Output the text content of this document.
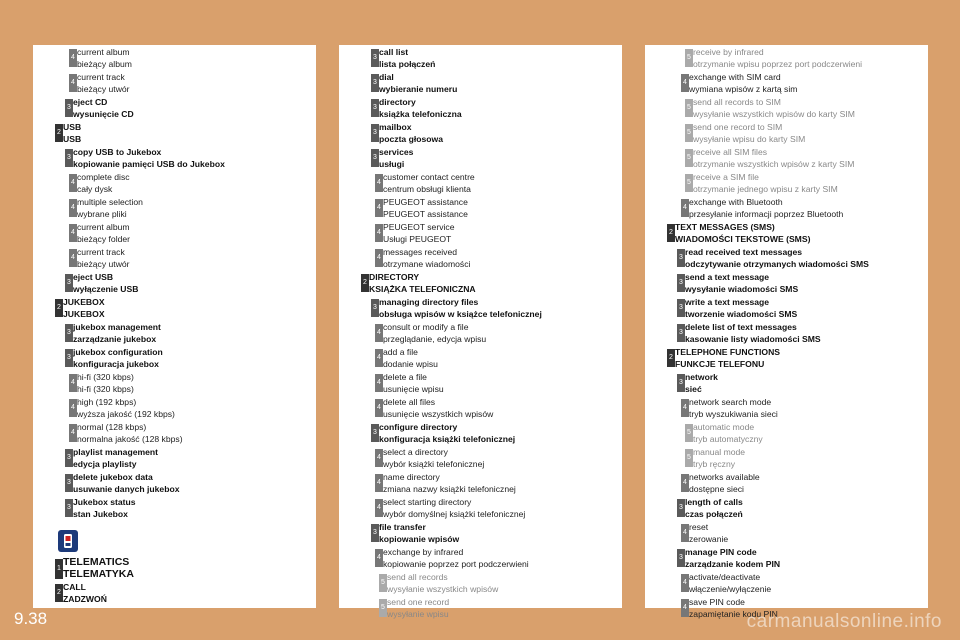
4
current album
bieżący album
4
current track
bieżący utwór
3
eject CD
wysunięcie CD
2
USB
USB
3
copy USB to Jukebox
kopiowanie pamięci USB do Jukebox
4
complete disc
cały dysk
4
multiple selection
wybrane pliki
4
current album
bieżący folder
4
current track
bieżący utwór
3
eject USB
wyłączenie USB
2
JUKEBOX
JUKEBOX
3
jukebox management
zarządzanie jukebox
3
jukebox configuration
konfiguracja jukebox
4
hi-fi (320 kbps)
hi-fi (320 kbps)
4
high (192 kbps)
wyższa jakość (192 kbps)
4
normal (128 kbps)
normalna jakość (128 kbps)
3
playlist management
edycja playlisty
3
delete jukebox data
usuwanie danych jukebox
3
Jukebox status
stan Jukebox
1
TELEMATICS
TELEMATYKA
2
CALL
ZADZWOŃ
3
call list
lista połączeń
3
dial
wybieranie numeru
3
directory
książka telefoniczna
3
mailbox
poczta głosowa
3
services
usługi
4
customer contact centre
centrum obsługi klienta
4
PEUGEOT assistance
PEUGEOT assistance
4
PEUGEOT service
Usługi PEUGEOT
4
messages received
otrzymane wiadomości
2
DIRECTORY
KSIĄŻKA TELEFONICZNA
3
managing directory files
obsługa wpisów w książce telefonicznej
4
consult or modify a file
przeglądanie, edycja wpisu
4
add a file
dodanie wpisu
4
delete a file
usunięcie wpisu
4
delete all files
usunięcie wszystkich wpisów
3
configure directory
konfiguracja książki telefonicznej
4
select a directory
wybór książki telefonicznej
4
name directory
zmiana nazwy książki telefonicznej
4
select starting directory
wybór domyślnej książki telefonicznej
3
file transfer
kopiowanie wpisów
4
exchange by infrared
kopiowanie poprzez port podczerwieni
5
send all records
wysyłanie wszystkich wpisów
5
send one record
wysyłanie wpisu
5
receive by infrared
otrzymanie wpisu poprzez port podczerwieni
4
exchange with SIM card
wymiana wpisów z kartą sim
5
send all records to SIM
wysyłanie wszystkich wpisów do karty SIM
5
send one record to SIM
wysyłanie wpisu do karty SIM
5
receive all SIM files
otrzymanie wszystkich wpisów z karty SIM
5
receive a SIM file
otrzymanie jednego wpisu z karty SIM
4
exchange with Bluetooth
przesyłanie informacji poprzez Bluetooth
2
TEXT MESSAGES (SMS)
WIADOMOŚCI TEKSTOWE (SMS)
3
read received text messages
odczytywanie otrzymanych wiadomości SMS
3
send a text message
wysyłanie wiadomości SMS
3
write a text message
tworzenie wiadomości SMS
3
delete list of text messages
kasowanie listy wiadomości SMS
2
TELEPHONE FUNCTIONS
FUNKCJE TELEFONU
3
network
sieć
4
network search mode
tryb wyszukiwania sieci
5
automatic mode
tryb automatyczny
5
manual mode
tryb ręczny
4
networks available
dostępne sieci
3
length of calls
czas połączeń
4
reset
zerowanie
3
manage PIN code
zarządzanie kodem PIN
4
activate/deactivate
włączenie/wyłączenie
4
save PIN code
zapamiętanie kodu PIN
9.38	carmanualsonline.info
